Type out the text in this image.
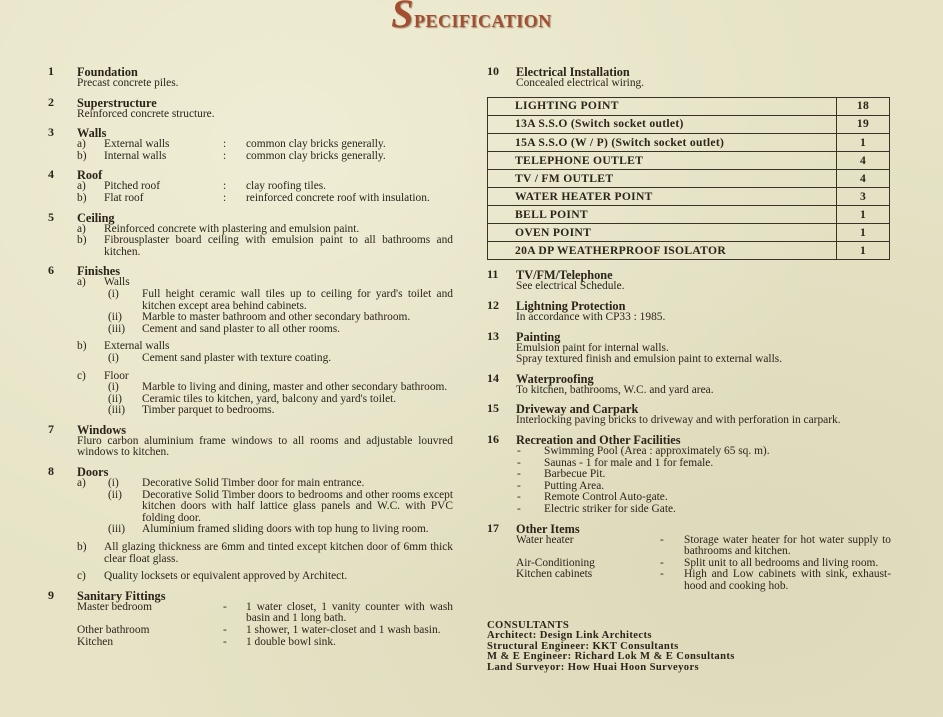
Specification
1 Foundation
Precast concrete piles.
2 Superstructure
Reinforced concrete structure.
3 Walls
a) External walls	: common clay bricks generally.
b) Internal walls	: common clay bricks generally.
4 Roof
a) Pitched roof	: clay roofing tiles.
b) Flat roof	: reinforced concrete roof with insulation.
5 Ceiling
a) Reinforced concrete with plastering and emulsion paint.
b) Fibrousplaster board ceiling with emulsion paint to all bathrooms and kitchen.
6 Finishes
a) Walls
(i) Full height ceramic wall tiles up to ceiling for yard's toilet and kitchen except area behind cabinets.
(ii) Marble to master bathroom and other secondary bathroom.
(iii) Cement and sand plaster to all other rooms.
b) External walls
(i) Cement sand plaster with texture coating.
c) Floor
(i) Marble to living and dining, master and other secondary bathroom.
(ii) Ceramic tiles to kitchen, yard, balcony and yard's toilet.
(iii) Timber parquet to bedrooms.
7 Windows
Fluro carbon aluminium frame windows to all rooms and adjustable louvred windows to kitchen.
8 Doors
a) (i) Decorative Solid Timber door for main entrance.
(ii) Decorative Solid Timber doors to bedrooms and other rooms except kitchen doors with half lattice glass panels and W.C. with PVC folding door.
(iii) Aluminium framed sliding doors with top hung to living room.
b) All glazing thickness are 6mm and tinted except kitchen door of 6mm thick clear float glass.
c) Quality locksets or equivalent approved by Architect.
9 Sanitary Fittings
Master bedroom	- 1 water closet, 1 vanity counter with wash basin and 1 long bath.
Other bathroom	- 1 shower, 1 water-closet and 1 wash basin.
Kitchen	- 1 double bowl sink.
10 Electrical Installation
Concealed electrical wiring.
LIGHTING POINT	18
13A S.S.O (Switch socket outlet)	19
15A S.S.O (W / P) (Switch socket outlet)	1
TELEPHONE OUTLET	4
TV / FM OUTLET	4
WATER HEATER POINT	3
BELL POINT	1
OVEN POINT	1
20A DP WEATHERPROOF ISOLATOR	1
11 TV/FM/Telephone
See electrical Schedule.
12 Lightning Protection
In accordance with CP33 : 1985.
13 Painting
Emulsion paint for internal walls.
Spray textured finish and emulsion paint to external walls.
14 Waterproofing
To kitchen, bathrooms, W.C. and yard area.
15 Driveway and Carpark
Interlocking paving bricks to driveway and with perforation in carpark.
16 Recreation and Other Facilities
- Swimming Pool (Area : approximately 65 sq. m).
- Saunas - 1 for male and 1 for female.
- Barbecue Pit.
- Putting Area.
- Remote Control Auto-gate.
- Electric striker for side Gate.
17 Other Items
Water heater	- Storage water heater for hot water supply to bathrooms and kitchen.
Air-Conditioning	- Split unit to all bedrooms and living room.
Kitchen cabinets	- High and Low cabinets with sink, exhaust-hood and cooking hob.
CONSULTANTS
Architect: Design Link Architects
Structural Engineer: KKT Consultants
M & E Engineer: Richard Lok M & E Consultants
Land Surveyor: How Huai Hoon Surveyors
